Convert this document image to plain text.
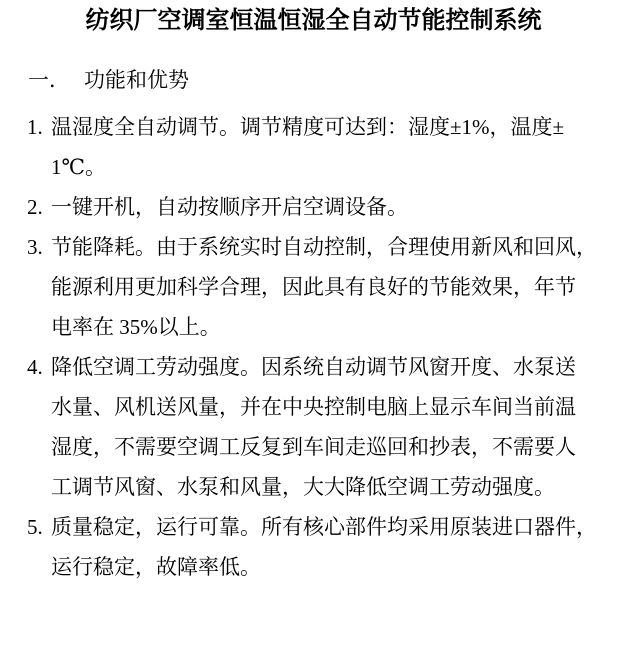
纺织厂空调室恒温恒湿全自动节能控制系统
一． 功能和优势
1. 温湿度全自动调节。调节精度可达到：湿度±1%，温度±
1℃。
2. 一键开机，自动按顺序开启空调设备。
3. 节能降耗。由于系统实时自动控制，合理使用新风和回风，
能源利用更加科学合理，因此具有良好的节能效果，年节
电率在 35%以上。
4. 降低空调工劳动强度。因系统自动调节风窗开度、水泵送
水量、风机送风量，并在中央控制电脑上显示车间当前温
湿度，不需要空调工反复到车间走巡回和抄表，不需要人
工调节风窗、水泵和风量，大大降低空调工劳动强度。
5. 质量稳定，运行可靠。所有核心部件均采用原装进口器件，
运行稳定，故障率低。
